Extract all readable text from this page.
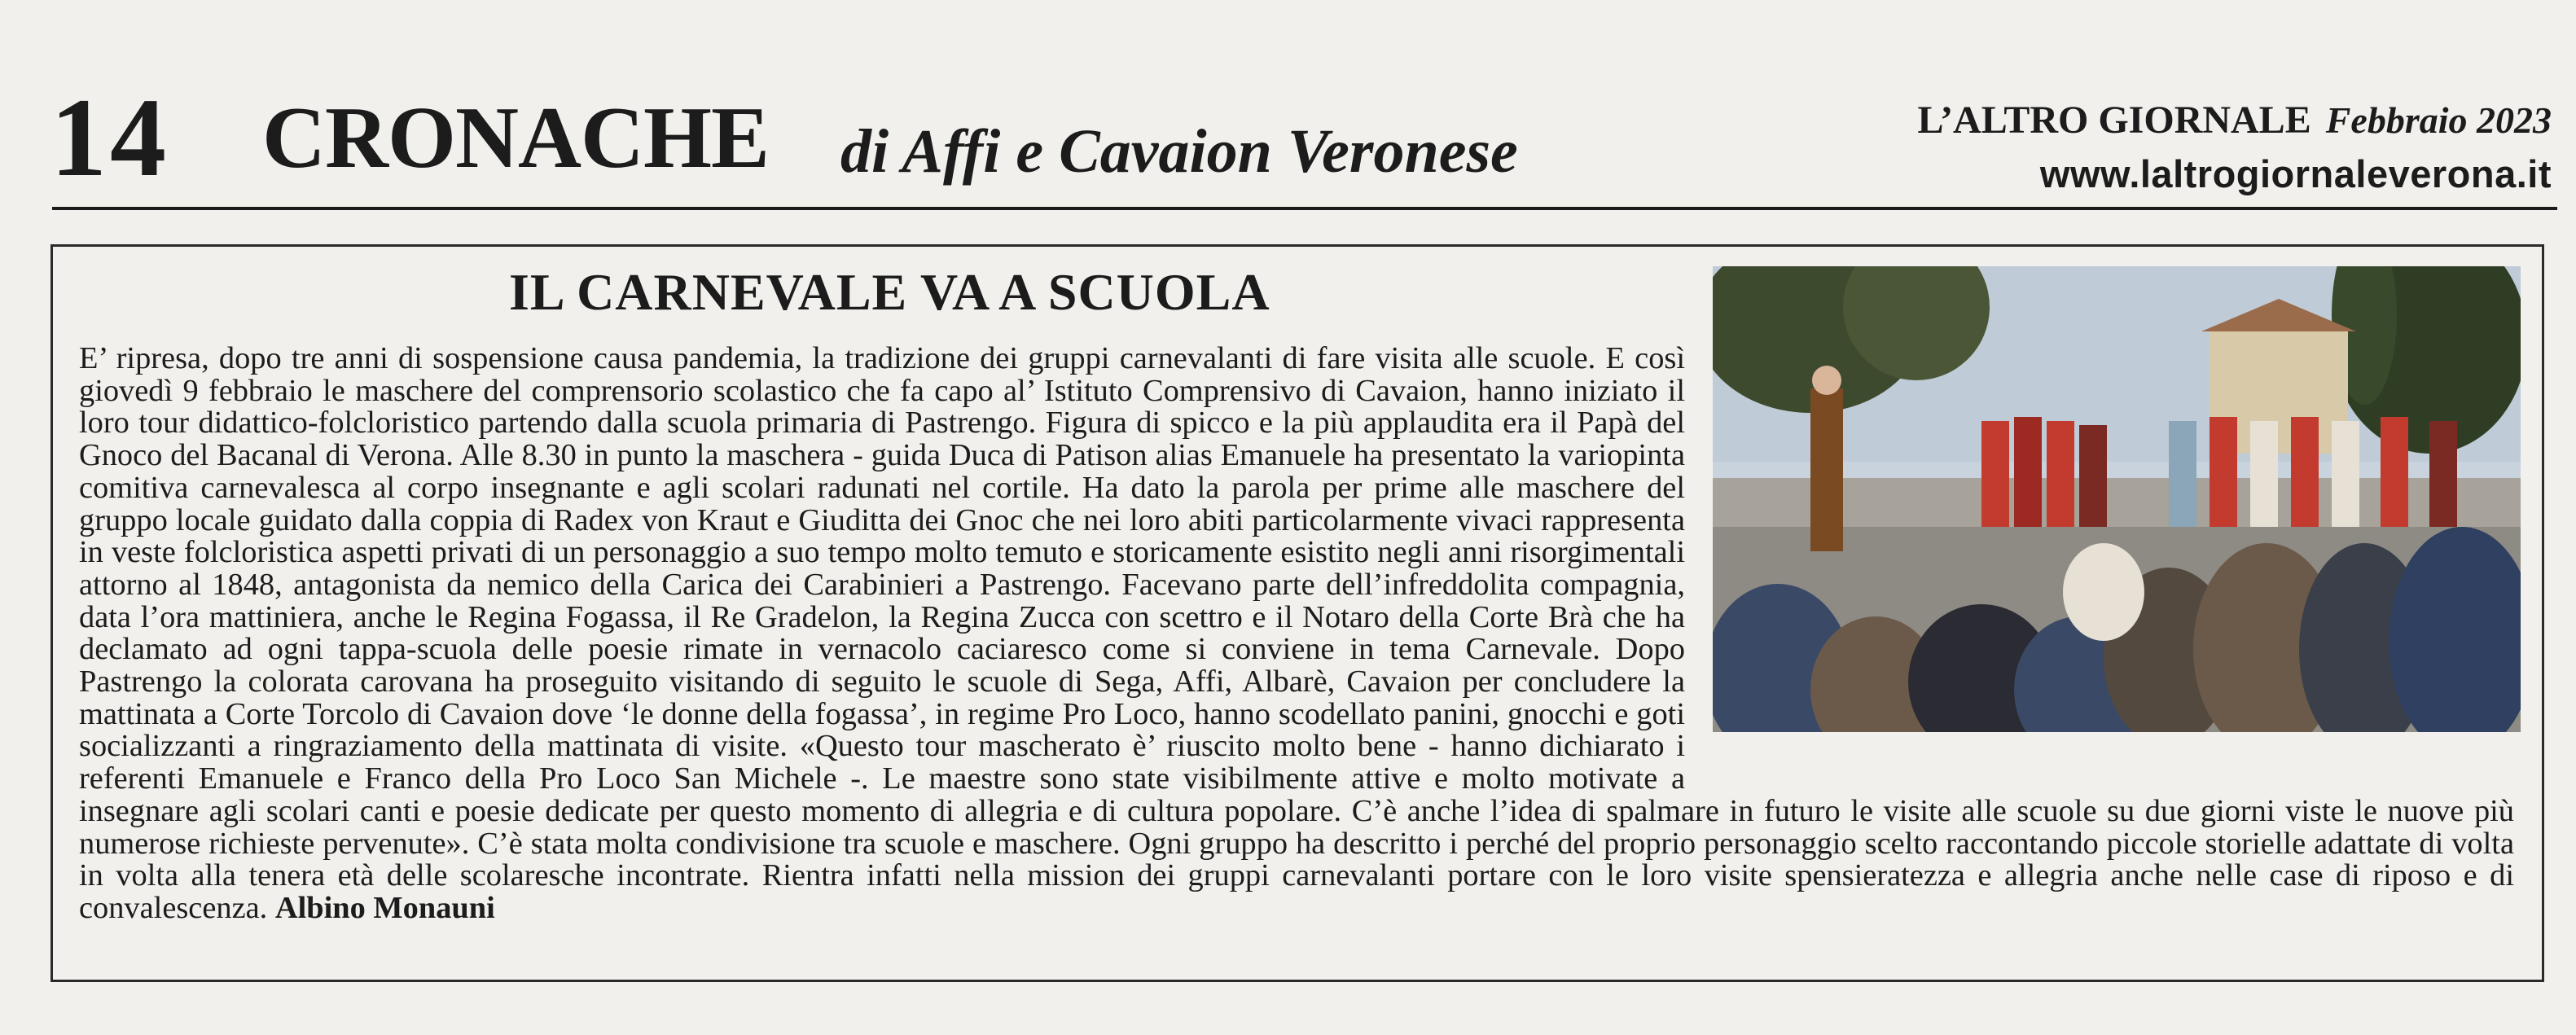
14 CRONACHE di Affi e Cavaion Veronese	L’ALTRO GIORNALE Febbraio 2023
www.laltrogiornaleverona.it
IL CARNEVALE VA A SCUOLA

E’ ripresa, dopo tre anni di sospensione causa pandemia, la tradizione dei gruppi carnevalanti di fare visita alle scuole. E così giovedì 9 febbraio le maschere del comprensorio scolastico che fa capo al’ Istituto Comprensivo di Cavaion, hanno iniziato il loro tour didattico-folcloristico partendo dalla scuola primaria di Pastrengo. Figura di spicco e la più applaudita era il Papà del Gnoco del Bacanal di Verona. Alle 8.30 in punto la maschera - guida Duca di Patison alias Emanuele ha presentato la variopinta comitiva carnevalesca al corpo insegnante e agli scolari radunati nel cortile. Ha dato la parola per prime alle maschere del gruppo locale guidato dalla coppia di Radex von Kraut e Giuditta dei Gnoc che nei loro abiti particolarmente vivaci rappresenta in veste folcloristica aspetti privati di un personaggio a suo tempo molto temuto e storicamente esistito negli anni risorgimentali attorno al 1848, antagonista da nemico della Carica dei Carabinieri a Pastrengo. Facevano parte dell’infreddolita compagnia, data l’ora mattiniera, anche le Regina Fogassa, il Re Gradelon, la Regina Zucca con scettro e il Notaro della Corte Brà che ha declamato ad ogni tappa-scuola delle poesie rimate in vernacolo caciaresco come si conviene in tema Carnevale. Dopo Pastrengo la colorata carovana ha proseguito visitando di seguito le scuole di Sega, Affi, Albarè, Cavaion per concludere la mattinata a Corte Torcolo di Cavaion dove ‘le donne della fogassa’, in regime Pro Loco, hanno scodellato panini, gnocchi e goti socializzanti a ringraziamento della mattinata di visite. «Questo tour mascherato è’ riuscito molto bene - hanno dichiarato i referenti Emanuele e Franco della Pro Loco San Michele -. Le maestre sono state visibilmente attive e molto motivate a insegnare agli scolari canti e poesie dedicate per questo momento di allegria e di cultura popolare. C’è anche l’idea di spalmare in futuro le visite alle scuole su due giorni viste le nuove più numerose richieste pervenute». C’è stata molta condivisione tra scuole e maschere. Ogni gruppo ha descritto i perché del proprio personaggio scelto raccontando piccole storielle adattate di volta in volta alla tenera età delle scolaresche incontrate. Rientra infatti nella mission dei gruppi carnevalanti portare con le loro visite spensieratezza e allegria anche nelle case di riposo e di convalescenza. Albino Monauni
